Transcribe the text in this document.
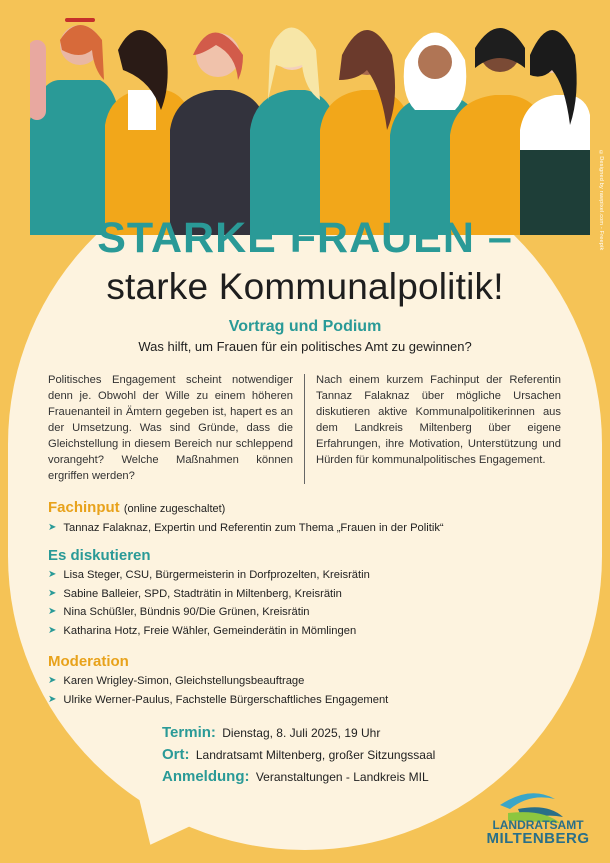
©Designed by rawpixel.com - Freepik
STARKE FRAUEN –
starke Kommunalpolitik!
Vortrag und Podium
Was hilft, um Frauen für ein politisches Amt zu gewinnen?
Politisches Engagement scheint notwendiger denn je. Obwohl der Wille zu einem höheren Frauenanteil in Ämtern gegeben ist, hapert es an der Umsetzung. Was sind Gründe, dass die Gleichstellung in diesem Bereich nur schleppend vorangeht? Welche Maßnahmen können ergriffen werden?
Nach einem kurzem Fachinput der Referentin Tannaz Falaknaz über mögliche Ursachen diskutieren aktive Kommunalpolitikerinnen aus dem Landkreis Miltenberg über eigene Erfahrungen, ihre Motivation, Unterstützung und Hürden für kommunalpolitisches Engagement.
Fachinput (online zugeschaltet)
➤ Tannaz Falaknaz, Expertin und Referentin zum Thema „Frauen in der Politik“
Es diskutieren
➤ Lisa Steger, CSU, Bürgermeisterin in Dorfprozelten, Kreisrätin
➤ Sabine Balleier, SPD, Stadträtin in Miltenberg, Kreisrätin
➤ Nina Schüßler, Bündnis 90/Die Grünen, Kreisrätin
➤ Katharina Hotz, Freie Wähler, Gemeinderätin in Mömlingen
Moderation
➤ Karen Wrigley-Simon, Gleichstellungsbeauftrage
➤ Ulrike Werner-Paulus, Fachstelle Bürgerschaftliches Engagement
Termin: Dienstag, 8. Juli 2025, 19 Uhr
Ort: Landratsamt Miltenberg, großer Sitzungssaal
Anmeldung: Veranstaltungen - Landkreis MIL
LANDRATSAMT
MILTENBERG
